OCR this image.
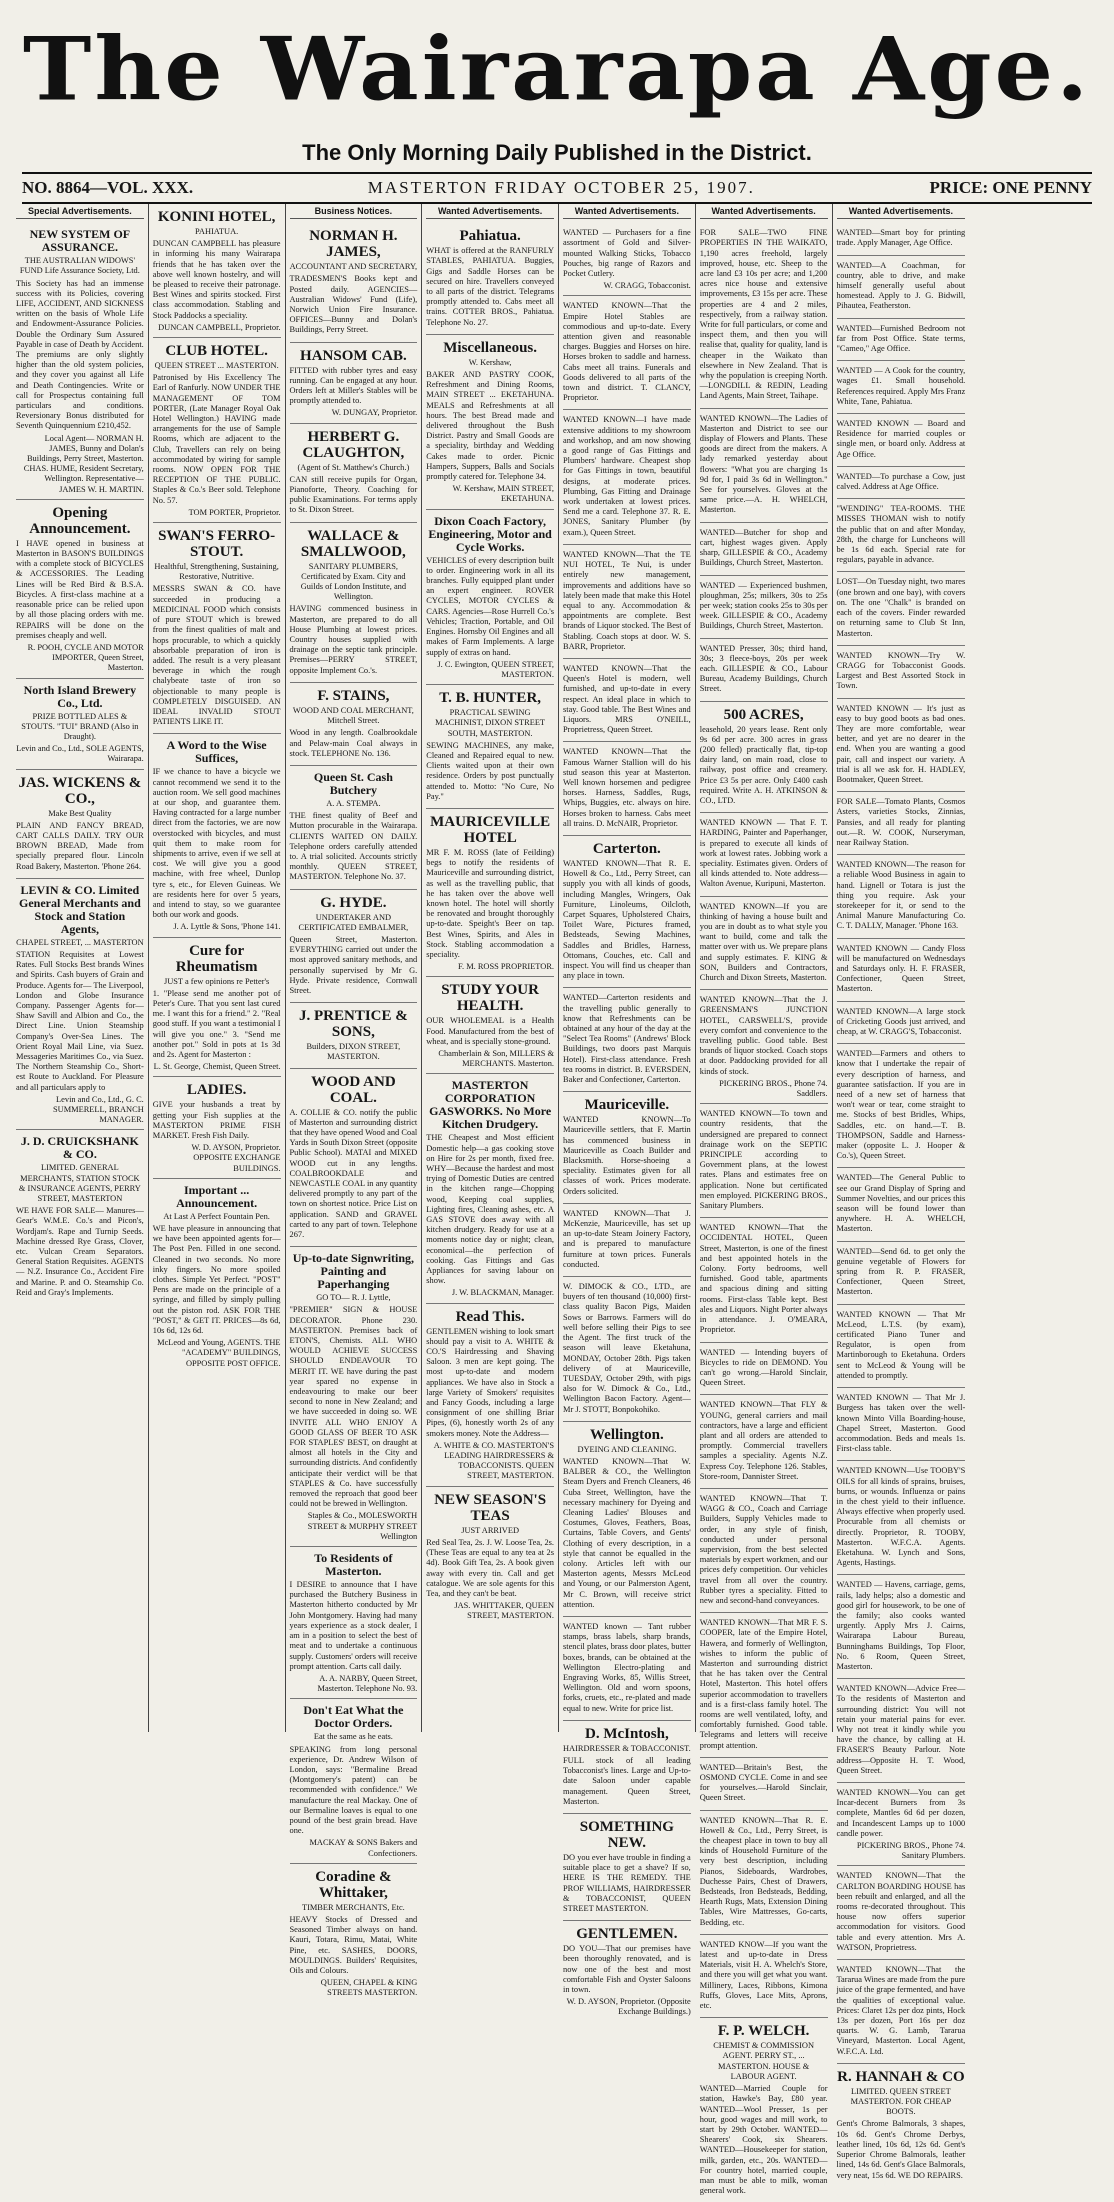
The Wairarapa Age.
The Only Morning Daily Published in the District.
NO. 8864—VOL. XXX.	MASTERTON FRIDAY OCTOBER 25, 1907.	PRICE: ONE PENNY
Special Advertisements.
NEW SYSTEM OF ASSURANCE.
THE AUSTRALIAN WIDOWS' FUND Life Assurance Society, Ltd.
This Society has had an immense success with its Policies, covering LIFE, ACCIDENT, AND SICKNESS written on the basis of Whole Life and Endowment-Assurance Policies. Double the Ordinary Sum Assured Payable in case of Death by Accident. The premiums are only slightly higher than the old system policies, and they cover you against all Life and Death Contingencies. Write or call for Prospectus containing full particulars and conditions. Reversionary Bonus distributed for Seventh Quinquennium £210,452.
Local Agent— NORMAN H. JAMES, Bunny and Dolan's Buildings, Perry Street, Masterton. CHAS. HUME, Resident Secretary, Wellington. Representative— JAMES W. H. MARTIN.
Opening Announcement.
I HAVE opened in business at Masterton in BASON'S BUILDINGS with a complete stock of BICYCLES & ACCESSORIES. The Leading Lines will be Red Bird & B.S.A. Bicycles. A first-class machine at a reasonable price can be relied upon by all those placing orders with me. REPAIRS will be done on the premises cheaply and well.
R. POOH, CYCLE AND MOTOR IMPORTER, Queen Street, Masterton.
North Island Brewery Co., Ltd.
PRIZE BOTTLED ALES & STOUTS. "TUI" BRAND (Also in Draught).
Levin and Co., Ltd., SOLE AGENTS, Wairarapa.
JAS. WICKENS & CO.,
Make Best Quality
PLAIN AND FANCY BREAD, CART CALLS DAILY. TRY OUR BROWN BREAD, Made from specially prepared flour. Lincoln Road Bakery, Masterton. 'Phone 264.
LEVIN & CO. Limited General Merchants and Stock and Station Agents,
CHAPEL STREET, ... MASTERTON
STATION Requisites at Lowest Rates. Full Stocks Best brands Wines and Spirits. Cash buyers of Grain and Produce. Agents for— The Liverpool, London and Globe Insurance Company. Passenger Agents for— Shaw Savill and Albion and Co., the Direct Line. Union Steamship Company's Over-Sea Lines. The Orient Royal Mail Line, via Suez. Messageries Maritimes Co., via Suez. The Northern Steamship Co., Short-est Route to Auckland. For Pleasure and all particulars apply to
Levin and Co., Ltd., G. C. SUMMERELL, BRANCH MANAGER.
J. D. CRUICKSHANK & CO.
LIMITED. GENERAL MERCHANTS, STATION STOCK & INSURANCE AGENTS, PERRY STREET, MASTERTON
WE HAVE FOR SALE— Manures—Gear's W.M.E. Co.'s and Picon's, Wordjam's. Rape and Turnip Seeds. Machine dressed Rye Grass, Clover, etc. Vulcan Cream Separators. General Station Requisites. AGENTS— N.Z. Insurance Co., Accident Fire and Marine. P. and O. Steamship Co. Reid and Gray's Implements.
KONINI HOTEL,
PAHIATUA.
DUNCAN CAMPBELL has pleasure in informing his many Wairarapa friends that he has taken over the above well known hostelry, and will be pleased to receive their patronage. Best Wines and spirits stocked. First class accommodation. Stabling and Stock Paddocks a speciality.
DUNCAN CAMPBELL, Proprietor.
CLUB HOTEL.
QUEEN STREET ... MASTERTON.
Patronised by His Excellency The Earl of Ranfurly. NOW UNDER THE MANAGEMENT OF TOM PORTER, (Late Manager Royal Oak Hotel Wellington.) HAVING made arrangements for the use of Sample Rooms, which are adjacent to the Club, Travellers can rely on being accommodated by wiring for sample rooms. NOW OPEN FOR THE RECEPTION OF THE PUBLIC. Staples & Co.'s Beer sold. Telephone No. 57.
TOM PORTER, Proprietor.
SWAN'S FERRO-STOUT.
Healthful, Strengthening, Sustaining, Restorative, Nutritive.
MESSRS SWAN & CO. have succeeded in producing a MEDICINAL FOOD which consists of pure STOUT which is brewed from the finest qualities of malt and hops procurable, to which a quickly absorbable preparation of iron is added. The result is a very pleasant beverage in which the rough chalybeate taste of iron so objectionable to many people is COMPLETELY DISGUISED. AN IDEAL INVALID STOUT PATIENTS LIKE IT.
A Word to the Wise Suffices,
IF we chance to have a bicycle we cannot recommend we send it to the auction room. We sell good machines at our shop, and guarantee them. Having contracted for a large number direct from the factories, we are now overstocked with bicycles, and must quit them to make room for shipments to arrive, even if we sell at cost. We will give you a good machine, with free wheel, Dunlop tyre s, etc., for Eleven Guineas. We are residents here for over 5 years, and intend to stay, so we guarantee both our work and goods.
J. A. Lyttle & Sons, 'Phone 141.
Cure for Rheumatism
JUST a few opinions re Petter's
1. "Please send me another pot of Peter's Cure. That you sent last cured me. I want this for a friend." 2. "Real good stuff. If you want a testimonial I will give you one." 3. "Send me another pot." Sold in pots at 1s 3d and 2s. Agent for Masterton :
L. St. George, Chemist, Queen Street.
LADIES.
GIVE your husbands a treat by getting your Fish supplies at the MASTERTON PRIME FISH MARKET. Fresh Fish Daily.
W. D. AYSON, Proprietor. OPPOSITE EXCHANGE BUILDINGS.
Important ... Announcement.
At Last A Perfect Fountain Pen.
WE have pleasure in announcing that we have been appointed agents for— The Post Pen. Filled in one second. Cleaned in two seconds. No more inky fingers. No more spoiled clothes. Simple Yet Perfect. "POST" Pens are made on the principle of a syringe, and filled by simply pulling out the piston rod. ASK FOR THE "POST," & GET IT. PRICES—8s 6d, 10s 6d, 12s 6d.
McLeod and Young, AGENTS. THE "ACADEMY" BUILDINGS, OPPOSITE POST OFFICE.
Business Notices.
NORMAN H. JAMES,
ACCOUNTANT AND SECRETARY,
TRADESMEN'S Books kept and Posted daily. AGENCIES—Australian Widows' Fund (Life), Norwich Union Fire Insurance. OFFICES—Bunny and Dolan's Buildings, Perry Street.
HANSOM CAB.
FITTED with rubber tyres and easy running. Can be engaged at any hour. Orders left at Miller's Stables will be promptly attended to.
W. DUNGAY, Proprietor.
HERBERT G. CLAUGHTON,
(Agent of St. Matthew's Church.)
CAN still receive pupils for Organ, Pianoforte, Theory. Coaching for public Examinations. For terms apply to St. Dixon Street.
WALLACE & SMALLWOOD,
SANITARY PLUMBERS, Certificated by Exam. City and Guilds of London Institute, and Wellington.
HAVING commenced business in Masterton, are prepared to do all House Plumbing at lowest prices. Country houses supplied with drainage on the septic tank principle. Premises—PERRY STREET, opposite Implement Co.'s.
F. STAINS,
WOOD AND COAL MERCHANT, Mitchell Street.
Wood in any length. Coalbrookdale and Pelaw-main Coal always in stock. TELEPHONE No. 136.
Queen St. Cash Butchery
A. A. STEMPA.
THE finest quality of Beef and Mutton procurable in the Wairarapa. CLIENTS WAITED ON DAILY. Telephone orders carefully attended to. A trial solicited. Accounts strictly monthly. QUEEN STREET, MASTERTON. Telephone No. 37.
G. HYDE.
UNDERTAKER AND CERTIFICATED EMBALMER,
Queen Street, Masterton. EVERYTHING carried out under the most approved sanitary methods, and personally supervised by Mr G. Hyde. Private residence, Cornwall Street.
J. PRENTICE & SONS,
Builders, DIXON STREET, MASTERTON.
WOOD AND COAL.
A. COLLIE & CO. notify the public of Masterton and surrounding district that they have opened Wood and Coal Yards in South Dixon Street (opposite Public School). MATAI and MIXED WOOD cut in any lengths. COALBROOKDALE and NEWCASTLE COAL in any quantity delivered promptly to any part of the town on shortest notice. Price List on application. SAND and GRAVEL carted to any part of town. Telephone 267.
Up-to-date Signwriting, Painting and Paperhanging
GO TO— R. J. Lyttle,
"PREMIER" SIGN & HOUSE DECORATOR. Phone 230. MASTERTON. Premises back of ETON'S, Chemists. ALL WHO WOULD ACHIEVE SUCCESS SHOULD ENDEAVOUR TO MERIT IT. WE have during the past year spared no expense in endeavouring to make our beer second to none in New Zealand; and we have succeeded in doing so. WE INVITE ALL WHO ENJOY A GOOD GLASS OF BEER TO ASK FOR STAPLES' BEST, on draught at almost all hotels in the City and surrounding districts. And confidently anticipate their verdict will be that STAPLES & Co. have successfully removed the reproach that good beer could not be brewed in Wellington.
Staples & Co., MOLESWORTH STREET & MURPHY STREET Wellington
To Residents of Masterton.
I DESIRE to announce that I have purchased the Butchery Business in Masterton hitherto conducted by Mr John Montgomery. Having had many years experience as a stock dealer, I am in a position to select the best of meat and to undertake a continuous supply. Customers' orders will receive prompt attention. Carts call daily.
A. A. NARBY, Queen Street, Masterton. Telephone No. 93.
Don't Eat What the Doctor Orders.
Eat the same as he eats.
SPEAKING from long personal experience, Dr. Andrew Wilson of London, says: "Bermaline Bread (Montgomery's patent) can be recommended with confidence." We manufacture the real Mackay. One of our Bermaline loaves is equal to one pound of the best grain bread. Have one.
MACKAY & SONS Bakers and Confectioners.
Coradine & Whittaker,
TIMBER MERCHANTS, Etc.
HEAVY Stocks of Dressed and Seasoned Timber always on hand. Kauri, Totara, Rimu, Matai, White Pine, etc. SASHES, DOORS, MOULDINGS. Builders' Requisites, Oils and Colours.
QUEEN, CHAPEL & KING STREETS MASTERTON.
Wanted Advertisements.
Pahiatua.
WHAT is offered at the RANFURLY STABLES, PAHIATUA. Buggies, Gigs and Saddle Horses can be secured on hire. Travellers conveyed to all parts of the district. Telegrams promptly attended to. Cabs meet all trains. COTTER BROS., Pahiatua. Telephone No. 27.
Miscellaneous.
W. Kershaw,
BAKER AND PASTRY COOK, Refreshment and Dining Rooms, MAIN STREET ... EKETAHUNA. MEALS and Refreshments at all hours. The best Bread made and delivered throughout the Bush District. Pastry and Small Goods are a speciality, birthday and Wedding Cakes made to order. Picnic Hampers, Suppers, Balls and Socials promptly catered for. Telephone 34.
W. Kershaw, MAIN STREET, EKETAHUNA.
Dixon Coach Factory, Engineering, Motor and Cycle Works.
VEHICLES of every description built to order. Engineering work in all its branches. Fully equipped plant under an expert engineer. ROVER CYCLES, MOTOR CYCLES & CARS. Agencies—Rose Hurrell Co.'s Vehicles; Traction, Portable, and Oil Engines. Hornsby Oil Engines and all makes of Farm Implements. A large supply of extras on hand.
J. C. Ewington, QUEEN STREET, MASTERTON.
T. B. HUNTER,
PRACTICAL SEWING MACHINIST, DIXON STREET SOUTH, MASTERTON.
SEWING MACHINES, any make, Cleaned and Repaired equal to new. Clients waited upon at their own residence. Orders by post punctually attended to. Motto: "No Cure, No Pay."
MAURICEVILLE HOTEL
MR F. M. ROSS (late of Feilding) begs to notify the residents of Mauriceville and surrounding district, as well as the travelling public, that he has taken over the above well known hotel. The hotel will shortly be renovated and brought thoroughly up-to-date. Speight's Beer on tap. Best Wines, Spirits, and Ales in Stock. Stabling accommodation a speciality.
F. M. ROSS PROPRIETOR.
STUDY YOUR HEALTH.
OUR WHOLEMEAL is a Health Food. Manufactured from the best of wheat, and is specially stone-ground.
Chamberlain & Son, MILLERS & MERCHANTS. Masterton.
MASTERTON CORPORATION GASWORKS. No More Kitchen Drudgery.
THE Cheapest and Most efficient Domestic help—a gas cooking stove on Hire for 2s per month, fixed free. WHY—Because the hardest and most trying of Domestic Duties are centred in the kitchen range—Chopping wood, Keeping coal supplies, Lighting fires, Cleaning ashes, etc. A GAS STOVE does away with all kitchen drudgery. Ready for use at a moments notice day or night; clean, economical—the perfection of cooking. Gas Fittings and Gas Appliances for saving labour on show.
J. W. BLACKMAN, Manager.
Read This.
GENTLEMEN wishing to look smart should pay a visit to A. WHITE & CO.'S Hairdressing and Shaving Saloon. 3 men are kept going. The most up-to-date and modern appliances. We have also in Stock a large Variety of Smokers' requisites and Fancy Goods, including a large consignment of one shilling Briar Pipes, (6), honestly worth 2s of any smokers money. Note the Address—
A. WHITE & CO. MASTERTON'S LEADING HAIRDRESSERS & TOBACCONISTS. QUEEN STREET, MASTERTON.
NEW SEASON'S TEAS
JUST ARRIVED
Red Seal Tea, 2s. J. W. Loose Tea, 2s. (These Teas are equal to any tea at 2s 4d). Book Gift Tea, 2s. A book given away with every tin. Call and get catalogue. We are sole agents for this Tea, and they can't be beat.
JAS. WHITTAKER, QUEEN STREET, MASTERTON.
Wanted Advertisements.
WANTED — Purchasers for a fine assortment of Gold and Silver-mounted Walking Sticks, Tobacco Pouches, big range of Razors and Pocket Cutlery.
W. CRAGG, Tobacconist.
WANTED KNOWN—That the Empire Hotel Stables are commodious and up-to-date. Every attention given and reasonable charges. Buggies and Horses on hire. Horses broken to saddle and harness. Cabs meet all trains. Funerals and Goods delivered to all parts of the town and district. T. CLANCY, Proprietor.
WANTED KNOWN—I have made extensive additions to my showroom and workshop, and am now showing a good range of Gas Fittings and Plumbers' hardware. Cheapest shop for Gas Fittings in town, beautiful designs, at moderate prices. Plumbing, Gas Fitting and Drainage work undertaken at lowest prices. Send me a card. Telephone 37. R. E. JONES, Sanitary Plumber (by exam.), Queen Street.
WANTED KNOWN—That the TE NUI HOTEL, Te Nui, is under entirely new management, improvements and additions have so lately been made that make this Hotel equal to any. Accommodation & appointments are complete. Best brands of Liquor stocked. The Best of Stabling. Coach stops at door. W. S. BARR, Proprietor.
WANTED KNOWN—That the Queen's Hotel is modern, well furnished, and up-to-date in every respect. An ideal place in which to stay. Good table. The Best Wines and Liquors. MRS O'NEILL, Proprietress, Queen Street.
WANTED KNOWN—That the Famous Warner Stallion will do his stud season this year at Masterton. Well known horsemen and pedigree horses. Harness, Saddles, Rugs, Whips, Buggies, etc. always on hire. Horses broken to harness. Cabs meet all trains. D. McNAIR, Proprietor.
Carterton.
WANTED KNOWN—That R. E. Howell & Co., Ltd., Perry Street, can supply you with all kinds of goods, including Mangles, Wringers, Oak Furniture, Linoleums, Oilcloth, Carpet Squares, Upholstered Chairs, Toilet Ware, Pictures framed, Bedsteads, Sewing Machines, Saddles and Bridles, Harness, Ottomans, Couches, etc. Call and inspect. You will find us cheaper than any place in town.
WANTED—Carterton residents and the travelling public generally to know that Refreshments can be obtained at any hour of the day at the "Select Tea Rooms" (Andrews' Block Buildings, two doors past Marquis Hotel). First-class attendance. Fresh tea rooms in district. B. EVERSDEN, Baker and Confectioner, Carterton.
Mauriceville.
WANTED KNOWN—To Mauriceville settlers, that F. Martin has commenced business in Mauriceville as Coach Builder and Blacksmith. Horse-shoeing a speciality. Estimates given for all classes of work. Prices moderate. Orders solicited.
WANTED KNOWN—That J. McKenzie, Mauriceville, has set up an up-to-date Steam Joinery Factory, and is prepared to manufacture furniture at town prices. Funerals conducted.
W. DIMOCK & CO., LTD., are buyers of ten thousand (10,000) first-class quality Bacon Pigs, Maiden Sows or Barrows. Farmers will do well before selling their Pigs to see the Agent. The first truck of the season will leave Eketahuna, MONDAY, October 28th. Pigs taken delivery of at Mauriceville, TUESDAY, October 29th, with pigs also for W. Dimock & Co., Ltd., Wellington Bacon Factory. Agent—Mr J. STOTT, Bonpokohiko.
Wellington.
DYEING AND CLEANING.
WANTED KNOWN—That W. BALBER & CO., the Wellington Steam Dyers and French Cleaners, 46 Cuba Street, Wellington, have the necessary machinery for Dyeing and Cleaning Ladies' Blouses and Costumes, Gloves, Feathers, Boas, Curtains, Table Covers, and Gents' Clothing of every description, in a style that cannot be equalled in the colony. Articles left with our Masterton agents, Messrs McLeod and Young, or our Palmerston Agent, Mr C. Brown, will receive strict attention.
WANTED known — Tant rubber stamps, brass labels, sharp brands, stencil plates, brass door plates, butter boxes, brands, can be obtained at the Wellington Electro-plating and Engraving Works, 85, Willis Street, Wellington. Old and worn spoons, forks, cruets, etc., re-plated and made equal to new. Write for price list.
D. McIntosh,
HAIRDRESSER & TOBACCONIST.
FULL stock of all leading Tobacconist's lines. Large and Up-to-date Saloon under capable management. Queen Street, Masterton.
SOMETHING NEW.
DO you ever have trouble in finding a suitable place to get a shave? If so, HERE IS THE REMEDY. THE PROF WILLIAMS, HAIRDRESSER & TOBACCONIST, QUEEN STREET MASTERTON.
GENTLEMEN.
DO YOU—That our premises have been thoroughly renovated, and is now one of the best and most comfortable Fish and Oyster Saloons in town.
W. D. AYSON, Proprietor. (Opposite Exchange Buildings.)
Wanted Advertisements.
FOR SALE—TWO FINE PROPERTIES IN THE WAIKATO, 1,190 acres freehold, largely improved, house, etc. Sheep to the acre land £3 10s per acre; and 1,200 acres nice house and extensive improvements, £3 15s per acre. These properties are 4 and 2 miles, respectively, from a railway station. Write for full particulars, or come and inspect them, and then you will realise that, quality for quality, land is cheaper in the Waikato than elsewhere in New Zealand. That is why the population is creeping North.—LONGDILL & REDIN, Leading Land Agents, Main Street, Taihape.
WANTED KNOWN—The Ladies of Masterton and District to see our display of Flowers and Plants. These goods are direct from the makers. A lady remarked yesterday about flowers: "What you are charging 1s 9d for, I paid 3s 6d in Wellington." See for yourselves. Gloves at the same price.—A. H. WHELCH, Masterton.
WANTED—Butcher for shop and cart, highest wages given. Apply sharp, GILLESPIE & CO., Academy Buildings, Church Street, Masterton.
WANTED — Experienced bushmen, ploughman, 25s; milkers, 30s to 25s per week; station cooks 25s to 30s per week. GILLESPIE & CO., Academy Buildings, Church Street, Masterton.
WANTED Presser, 30s; third hand, 30s; 3 fleece-boys, 20s per week each. GILLESPIE & CO., Labour Bureau, Academy Buildings, Church Street.
500 ACRES,
leasehold, 20 years lease. Rent only 9s 6d per acre. 300 acres in grass (200 felled) practically flat, tip-top dairy land, on main road, close to railway, post office and creamery. Price £3 5s per acre. Only £400 cash required. Write A. H. ATKINSON & CO., LTD.
WANTED KNOWN — That F. T. HARDING, Painter and Paperhanger, is prepared to execute all kinds of work at lowest rates. Jobbing work a speciality. Estimates given. Orders of all kinds attended to. Note address—Walton Avenue, Kuripuni, Masterton.
WANTED KNOWN—If you are thinking of having a house built and you are in doubt as to what style you want to build, come and talk the matter over with us. We prepare plans and supply estimates. F. KING & SON, Builders and Contractors, Church and Dixon Streets, Masterton.
WANTED KNOWN—That the J. GREENSMAN'S JUNCTION HOTEL, CARSWELL'S, provide every comfort and convenience to the travelling public. Good table. Best brands of liquor stocked. Coach stops at door. Paddocking provided for all kinds of stock.
PICKERING BROS., Phone 74. Saddlers.
WANTED KNOWN—To town and country residents, that the undersigned are prepared to connect drainage work on the SEPTIC PRINCIPLE according to Government plans, at the lowest rates. Plans and estimates free on application. None but certificated men employed. PICKERING BROS., Sanitary Plumbers.
WANTED KNOWN—That the OCCIDENTAL HOTEL, Queen Street, Masterton, is one of the finest and best appointed hotels in the Colony. Forty bedrooms, well furnished. Good table, apartments and spacious dining and sitting rooms. First-class Table kept. Best ales and Liquors. Night Porter always in attendance. J. O'MEARA, Proprietor.
WANTED — Intending buyers of Bicycles to ride on DEMOND. You can't go wrong.—Harold Sinclair, Queen Street.
WANTED KNOWN—That FLY & YOUNG, general carriers and mail contractors, have a large and efficient plant and all orders are attended to promptly. Commercial travellers samples a speciality. Agents N.Z. Express Coy. Telephone 126. Stables, Store-room, Dannister Street.
WANTED KNOWN—That T. WAGG & CO., Coach and Carriage Builders, Supply Vehicles made to order, in any style of finish, conducted under personal supervision, from the best selected materials by expert workmen, and our prices defy competition. Our vehicles travel from all over the country. Rubber tyres a speciality. Fitted to new and second-hand conveyances.
WANTED KNOWN—That MR F. S. COOPER, late of the Empire Hotel, Hawera, and formerly of Wellington, wishes to inform the public of Masterton and surrounding district that he has taken over the Central Hotel, Masterton. This hotel offers superior accommodation to travellers and is a first-class family hotel. The rooms are well ventilated, lofty, and comfortably furnished. Good table. Telegrams and letters will receive prompt attention.
WANTED—Britain's Best, the OSMOND CYCLE. Come in and see for yourselves.—Harold Sinclair, Queen Street.
WANTED KNOWN—That R. E. Howell & Co., Ltd., Perry Street, is the cheapest place in town to buy all kinds of Household Furniture of the very best description, including Pianos, Sideboards, Wardrobes, Duchesse Pairs, Chest of Drawers, Bedsteads, Iron Bedsteads, Bedding, Hearth Rugs, Mats, Extension Dining Tables, Wire Mattresses, Go-carts, Bedding, etc.
WANTED KNOW—If you want the latest and up-to-date in Dress Materials, visit H. A. Whelch's Store, and there you will get what you want. Millinery, Laces, Ribbons, Kimona Ruffs, Gloves, Lace Mits, Aprons, etc.
F. P. WELCH.
CHEMIST & COMMISSION AGENT. PERRY ST., ... MASTERTON. HOUSE & LABOUR AGENT.
WANTED—Married Couple for station, Hawke's Bay, £80 year. WANTED—Wool Presser, 1s per hour, good wages and mill work, to start by 29th October. WANTED—Shearers' Cook, six Shearers. WANTED—Housekeeper for station, milk, garden, etc., 20s. WANTED—For country hotel, married couple, man must be able to milk, woman general work.
Wanted Advertisements.
WANTED—Smart boy for printing trade. Apply Manager, Age Office.
WANTED—A Coachman, for country, able to drive, and make himself generally useful about homestead. Apply to J. G. Bidwill, Pihautea, Featherston.
WANTED—Furnished Bedroom not far from Post Office. State terms, "Cameo," Age Office.
WANTED — A Cook for the country, wages £1. Small household. References required. Apply Mrs Franz White, Tane, Pahiatua.
WANTED KNOWN — Board and Residence for married couples or single men, or board only. Address at Age Office.
WANTED—To purchase a Cow, just calved. Address at Age Office.
"WENDING" TEA-ROOMS. THE MISSES THOMAN wish to notify the public that on and after Monday, 28th, the charge for Luncheons will be 1s 6d each. Special rate for regulars, payable in advance.
LOST—On Tuesday night, two mares (one brown and one bay), with covers on. The one "Chalk" is branded on each of the covers. Finder rewarded on returning same to Club St Inn, Masterton.
WANTED KNOWN—Try W. CRAGG for Tobacconist Goods. Largest and Best Assorted Stock in Town.
WANTED KNOWN — It's just as easy to buy good boots as bad ones. They are more comfortable, wear better, and yet are no dearer in the end. When you are wanting a good pair, call and inspect our variety. A trial is all we ask for. H. HADLEY, Bootmaker, Queen Street.
FOR SALE—Tomato Plants, Cosmos Asters, varieties Stocks, Zinnias, Pansies, and all ready for planting out.—R. W. COOK, Nurseryman, near Railway Station.
WANTED KNOWN—The reason for a reliable Wood Business in again to hand. Lignell or Totara is just the thing you require. Ask your storekeeper for it, or send to the Animal Manure Manufacturing Co. C. T. DALLY, Manager. 'Phone 163.
WANTED KNOWN — Candy Floss will be manufactured on Wednesdays and Saturdays only. H. F. FRASER, Confectioner, Queen Street, Masterton.
WANTED KNOWN—A large stock of Cricketing Goods just arrived, and cheap, at W. CRAGG'S, Tobacconist.
WANTED—Farmers and others to know that I undertake the repair of every description of harness, and guarantee satisfaction. If you are in need of a new set of harness that won't wear or tear, come straight to me. Stocks of best Bridles, Whips, Saddles, etc. on hand.—T. B. THOMPSON, Saddle and Harness-maker (opposite L. J. Hooper & Co.'s), Queen Street.
WANTED—The General Public to see our Grand Display of Spring and Summer Novelties, and our prices this season will be found lower than anywhere. H. A. WHELCH, Masterton.
WANTED—Send 6d. to get only the genuine vegetable of Flowers for spring from R. P. FRASER, Confectioner, Queen Street, Masterton.
WANTED KNOWN — That Mr McLeod, L.T.S. (by exam), certificated Piano Tuner and Regulator, is open from Martinborough to Eketahuna. Orders sent to McLeod & Young will be attended to promptly.
WANTED KNOWN — That Mr J. Burgess has taken over the well-known Minto Villa Boarding-house, Chapel Street, Masterton. Good accommodation. Beds and meals 1s. First-class table.
WANTED KNOWN—Use TOOBY'S OILS for all kinds of sprains, bruises, burns, or wounds. Influenza or pains in the chest yield to their influence. Always effective when properly used. Procurable from all chemists or directly. Proprietor, R. TOOBY, Masterton. W.F.C.A. Agents. Eketahuna. W. Lynch and Sons, Agents, Hastings.
WANTED — Havens, carriage, gems, rails, lady helps; also a domestic and good girl for housework, to be one of the family; also cooks wanted urgently. Apply Mrs J. Cairns, Wairarapa Labour Bureau, Bunninghams Buildings, Top Floor, No. 6 Room, Queen Street, Masterton.
WANTED KNOWN—Advice Free—To the residents of Masterton and surrounding district: You will not retain your material pains for ever. Why not treat it kindly while you have the chance, by calling at H. FRASER'S Beauty Parlour. Note address—Opposite H. T. Wood, Queen Street.
WANTED KNOWN—You can get Incar-decent Burners from 3s complete, Mantles 6d 6d per dozen, and Incandescent Lamps up to 1000 candle power.
PICKERING BROS., Phone 74. Sanitary Plumbers.
WANTED KNOWN—That the CARLTON BOARDING HOUSE has been rebuilt and enlarged, and all the rooms re-decorated throughout. This house now offers superior accommodation for visitors. Good table and every attention. Mrs A. WATSON, Proprietress.
WANTED KNOWN—That the Tararua Wines are made from the pure juice of the grape fermented, and have the qualities of exceptional value. Prices: Claret 12s per doz pints, Hock 13s per dozen, Port 16s per doz quarts. W. G. Lamb, Tararua Vineyard, Masterton. Local Agent, W.F.C.A. Ltd.
R. HANNAH & CO
LIMITED. QUEEN STREET MASTERTON. FOR CHEAP BOOTS.
Gent's Chrome Balmorals, 3 shapes, 10s 6d. Gent's Chrome Derbys, leather lined, 10s 6d, 12s 6d. Gent's Superior Chrome Balmorals, leather lined, 14s 6d. Gent's Glace Balmorals, very neat, 15s 6d. WE DO REPAIRS.
